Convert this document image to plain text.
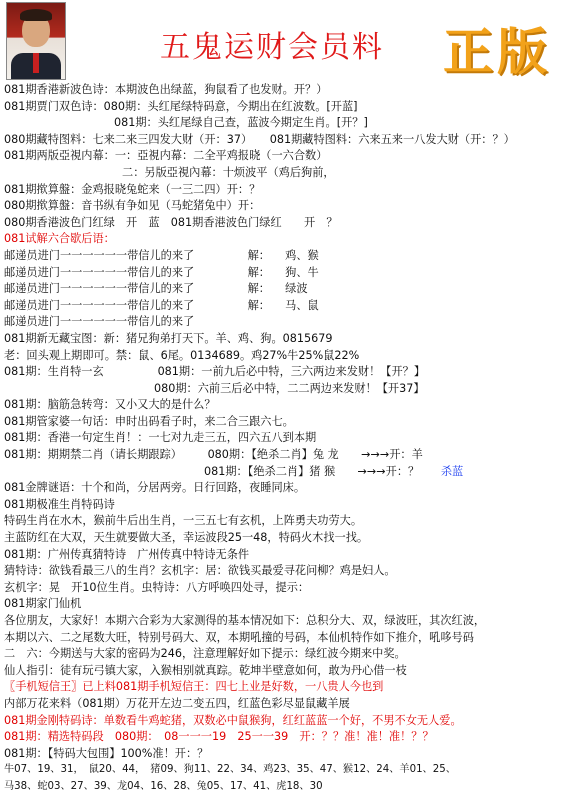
五鬼运财会员料 正版
081期香港新波色诗：本期波色出绿蓝，狗鼠看了也发财。开？）
081期贾门双色诗：080期：头红尾绿特码意，今期出在红波数。[开蓝]
081期：头红尾绿自己查，蓝波今期定生肖。[开？]
080期藏特图料：七来二来三四发大财（开：37） 081期藏特图料：六来五来一八发大财（开：？）
081期两版亞視内幕：一：亞視内幕：二全平鸡报晓（一六合数）
二：另版亞視內幕：十烦波平（鸡后狗前，
081期揿算盤：金鸡报晓兔蛇来（一三二四）开：？
080期揿算盤：音书纵有争如见（马蛇猪兔中）开：
080期香港波色门红绿　开　蓝　081期香港波色门绿红　　开　？
081试解六合歇后语：
邮递员进门一一一一一一带信儿的来了	解： 鸡、猴
邮递员进门一一一一一一带信儿的来了	解： 狗、牛
邮递员进门一一一一一一带信儿的来了	解： 绿波
邮递员进门一一一一一一带信儿的来了	解： 马、鼠
邮递员进门一一一一一一带信儿的来了
081期新无藏宝图：新：猪兄狗弟打天下。羊、鸡、狗。0815679
老：回头观上期即可。禁：鼠、6尾。0134689。鸡27%牛25%鼠22%
081期：生肖特一玄	081期：一前九后必中特，三六两边来发财！【开？】
080期：六前三后必中特，二二两边来发财！【开37】
081期：脑筋急转弯：又小又大的是什么？
081期管家婆一句话：申时出码看子时，来二合三跟六七。
081期：香港一句定生肖！：一七对九走三五，四六五八到本期
081期：期期禁二肖（请长期跟踪） 080期：【绝杀二肖】兔 龙　　→→→开：羊
081期：【绝杀二肖】猪 猴　　→→→开：？ 杀蓝
081金牌谜语：十个和尚，分居两旁。日行回路，夜睡同床。
081期极准生肖特码诗
特码生肖在水木，猴前牛后出生肖，一三五七有玄机，上阵勇夫功劳大。
主蓝防红在大双，天生就要做大圣，幸运波段25一48，特码火木找一找。
081期：广州传真猜特诗　广州传真中特诗无条件
猜特诗：欲钱看最三八的生肖？玄机字：居：欲钱买最爱寻花问柳？鸡是妇人。
玄机字：晃　开10位生肖。虫特诗：八方呼唤四处寻，提示：
081期家门仙机
各位朋友，大家好！本期六合彩为大家测得的基本情况如下：总积分大、双，绿波旺，其次红波，
本期以六、二之尾数大旺，特别号码大、双，本期吼撞的号码，本仙机特作如下推介，吼哆号码
二　六：今期送与大家的密码为246，注意理解好如下提示：绿红波今期来中奖。
仙人指引：徒有玩弓镇大家，入猴相别就真踪。乾坤半壁意如何，敢为丹心借一枝
〖手机短信王〗已上料081期手机短信王：四七上业是好数，一八贵人今也到
内部万花来料（081期）万花开左边二变五四，红蓝色彩尽显鼠藏羊展
081期金刚特码诗：单数看牛鸡蛇猪，双数必中鼠猴狗，红红蓝蓝一个好，不男不女无人爱。
081期：精选特码段　080期：　08一一一19　25一一39　开：？？准！准！准！？？
081期：【特码大包围】100%准！开：？
牛07、19、31，　鼠20、44，　猪09、狗11、22、34、鸡23、35、47、猴12、24、羊01、25、
马38、蛇03、27、39、龙04、16、28、兔05、17、41、虎18、30
